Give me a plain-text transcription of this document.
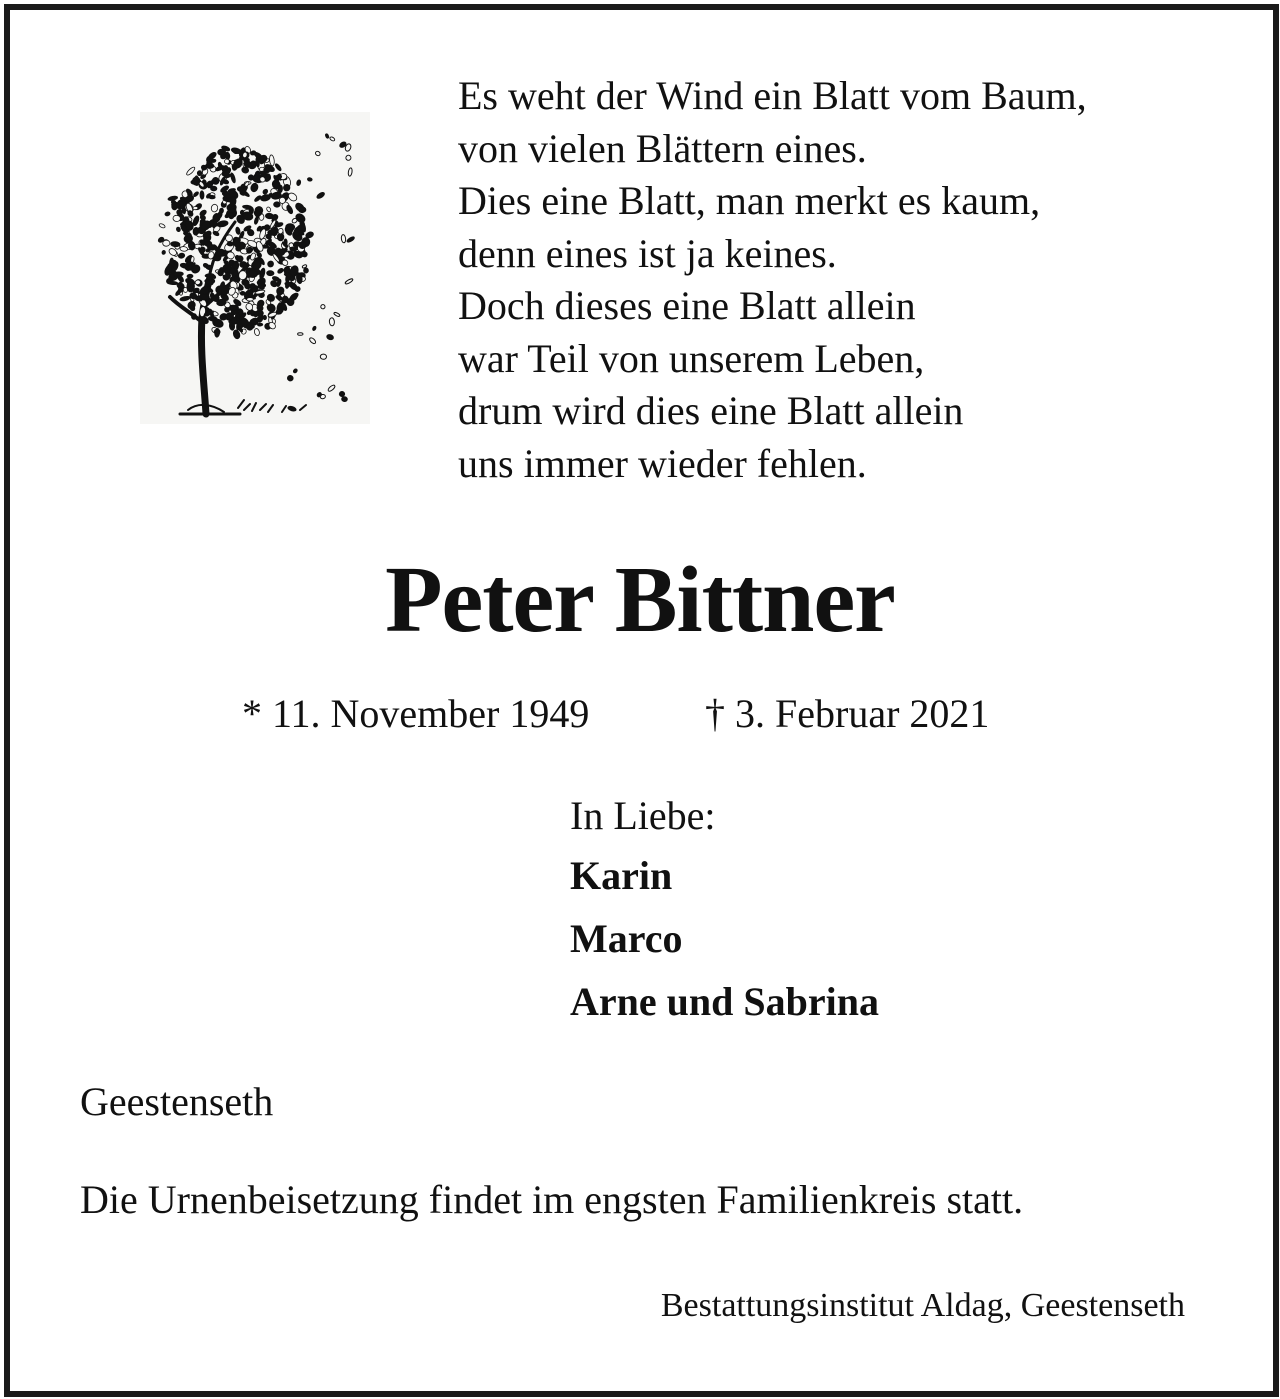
Es weht der Wind ein Blatt vom Baum,
von vielen Blättern eines.
Dies eine Blatt, man merkt es kaum,
denn eines ist ja keines.
Doch dieses eine Blatt allein
war Teil von unserem Leben,
drum wird dies eine Blatt allein
uns immer wieder fehlen.
Peter Bittner
* 11. November 1949	† 3. Februar 2021
In Liebe:
Karin
Marco
Arne und Sabrina
Geestenseth
Die Urnenbeisetzung findet im engsten Familienkreis statt.
Bestattungsinstitut Aldag, Geestenseth
